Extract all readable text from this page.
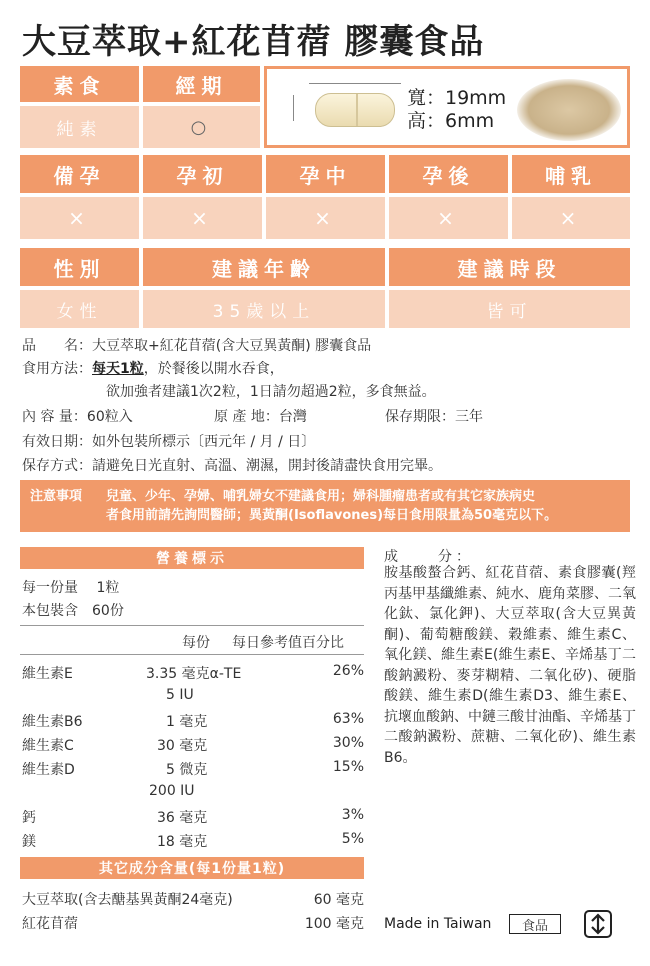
大豆萃取+紅花苜蓿 膠囊食品
素食	經期
純素	○
寬：19mm
高：6mm
備孕	孕初	孕中	孕後	哺乳
×	×	×	×	×
性別	建議年齡	建議時段
女性	35歲以上	皆可
品　　名：大豆萃取+紅花苜蓿(含大豆異黃酮) 膠囊食品
食用方法：每天1粒，於餐後以開水吞食，
欲加強者建議1次2粒，1日請勿超過2粒，多食無益。
內 容 量：60粒入	原 產 地：台灣	保存期限：三年
有效日期：如外包裝所標示〔西元年 / 月 / 日〕
保存方式：請避免日光直射、高溫、潮濕，開封後請盡快食用完畢。
注意事項 兒童、少年、孕婦、哺乳婦女不建議食用；婦科腫瘤患者或有其它家族病史
者食用前請先詢問醫師；異黃酮(Isoflavones)每日食用限量為50毫克以下。
營養標示
每一份量　 1粒
本包裝含　 60份
每份 每日參考值百分比
維生素E	3.35 毫克α-TE	26%
5 IU
維生素B6	1 毫克	63%
維生素C	30 毫克	30%
維生素D	5 微克	15%
200 IU
鈣	36 毫克	3%
鎂	18 毫克	5%
其它成分含量(每1份量1粒)
大豆萃取(含去醣基異黃酮24毫克)	60 毫克
紅花苜蓿	100 毫克
成　　分：
胺基酸螯合鈣、紅花苜蓿、素食膠囊(羥丙基甲基纖維素、純水、鹿角菜膠、二氧化鈦、氯化鉀)、大豆萃取(含大豆異黃酮)、葡萄糖酸鎂、穀維素、維生素C、氧化鎂、維生素E(維生素E、辛烯基丁二酸鈉澱粉、麥芽糊精、二氧化矽)、硬脂酸鎂、維生素D(維生素D3、維生素E、抗壞血酸鈉、中鏈三酸甘油酯、辛烯基丁二酸鈉澱粉、蔗糖、二氧化矽)、維生素B6。
Made in Taiwan	食品
